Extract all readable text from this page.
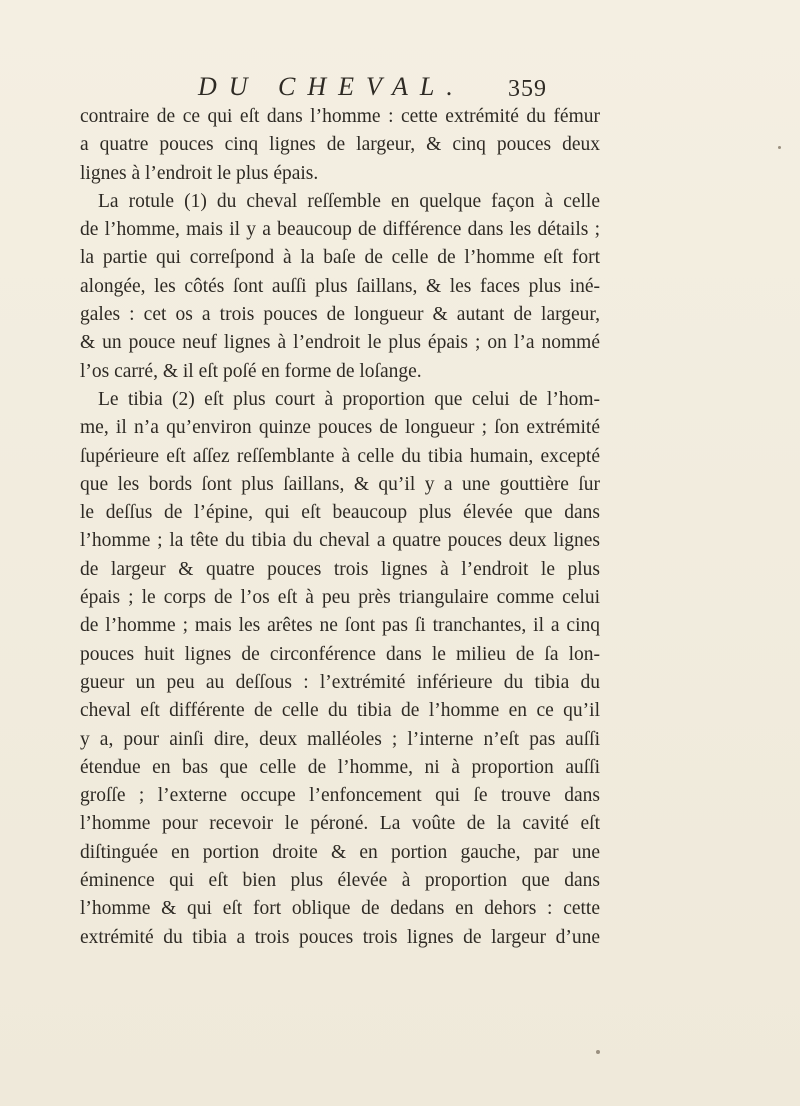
DU CHEVAL. 359
contraire de ce qui eſt dans l’homme : cette extrémité du fémur
a quatre pouces cinq lignes de largeur, & cinq pouces deux
lignes à l’endroit le plus épais.
La rotule (1) du cheval reſſemble en quelque façon à celle
de l’homme, mais il y a beaucoup de différence dans les détails ;
la partie qui correſpond à la baſe de celle de l’homme eſt fort
alongée, les côtés ſont auſſi plus ſaillans, & les faces plus iné-
gales : cet os a trois pouces de longueur & autant de largeur,
& un pouce neuf lignes à l’endroit le plus épais ; on l’a nommé
l’os carré, & il eſt poſé en forme de loſange.
Le tibia (2) eſt plus court à proportion que celui de l’hom-
me, il n’a qu’environ quinze pouces de longueur ; ſon extrémité
ſupérieure eſt aſſez reſſemblante à celle du tibia humain, excepté
que les bords ſont plus ſaillans, & qu’il y a une gouttière ſur
le deſſus de l’épine, qui eſt beaucoup plus élevée que dans
l’homme ; la tête du tibia du cheval a quatre pouces deux lignes
de largeur & quatre pouces trois lignes à l’endroit le plus
épais ; le corps de l’os eſt à peu près triangulaire comme celui
de l’homme ; mais les arêtes ne ſont pas ſi tranchantes, il a cinq
pouces huit lignes de circonférence dans le milieu de ſa lon-
gueur un peu au deſſous : l’extrémité inférieure du tibia du
cheval eſt différente de celle du tibia de l’homme en ce qu’il
y a, pour ainſi dire, deux malléoles ; l’interne n’eſt pas auſſi
étendue en bas que celle de l’homme, ni à proportion auſſi
groſſe ; l’externe occupe l’enfoncement qui ſe trouve dans
l’homme pour recevoir le péroné. La voûte de la cavité eſt
diſtinguée en portion droite & en portion gauche, par une
éminence qui eſt bien plus élevée à proportion que dans
l’homme & qui eſt fort oblique de dedans en dehors : cette
extrémité du tibia a trois pouces trois lignes de largeur d’une
